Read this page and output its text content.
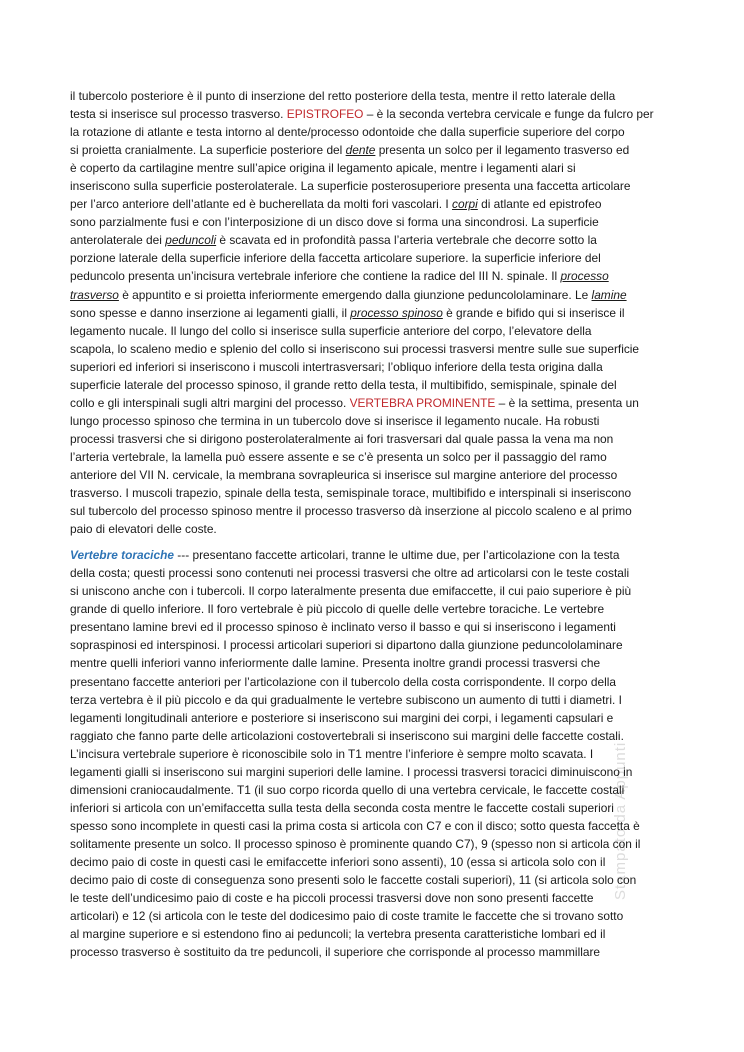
Stampato da Appunti

il tubercolo posteriore è il punto di inserzione del retto posteriore della testa, mentre il retto laterale della
testa si inserisce sul processo trasverso. EPISTROFEO – è la seconda vertebra cervicale e funge da fulcro per
la rotazione di atlante e testa intorno al dente/processo odontoide che dalla superficie superiore del corpo
si proietta cranialmente. La superficie posteriore del dente presenta un solco per il legamento trasverso ed
è coperto da cartilagine mentre sull’apice origina il legamento apicale, mentre i legamenti alari si
inseriscono sulla superficie posterolaterale. La superficie posterosuperiore presenta una faccetta articolare
per l’arco anteriore dell’atlante ed è bucherellata da molti fori vascolari. I corpi di atlante ed epistrofeo
sono parzialmente fusi e con l’interposizione di un disco dove si forma una sincondrosi. La superficie
anterolaterale dei peduncoli è scavata ed in profondità passa l’arteria vertebrale che decorre sotto la
porzione laterale della superficie inferiore della faccetta articolare superiore. la superficie inferiore del
peduncolo presenta un’incisura vertebrale inferiore che contiene la radice del III N. spinale. Il processo
trasverso è appuntito e si proietta inferiormente emergendo dalla giunzione peduncololaminare. Le lamine
sono spesse e danno inserzione ai legamenti gialli, il processo spinoso è grande e bifido qui si inserisce il
legamento nucale. Il lungo del collo si inserisce sulla superficie anteriore del corpo, l’elevatore della
scapola, lo scaleno medio e splenio del collo si inseriscono sui processi trasversi mentre sulle sue superficie
superiori ed inferiori si inseriscono i muscoli intertrasversari; l’obliquo inferiore della testa origina dalla
superficie laterale del processo spinoso, il grande retto della testa, il multibifido, semispinale, spinale del
collo e gli interspinali sugli altri margini del processo. VERTEBRA PROMINENTE – è la settima, presenta un
lungo processo spinoso che termina in un tubercolo dove si inserisce il legamento nucale. Ha robusti
processi trasversi che si dirigono posterolateralmente ai fori trasversari dal quale passa la vena ma non
l’arteria vertebrale, la lamella può essere assente e se c’è presenta un solco per il passaggio del ramo
anteriore del VII N. cervicale, la membrana sovrapleurica si inserisce sul margine anteriore del processo
trasverso. I muscoli trapezio, spinale della testa, semispinale torace, multibifido e interspinali si inseriscono
sul tubercolo del processo spinoso mentre il processo trasverso dà inserzione al piccolo scaleno e al primo
paio di elevatori delle coste.

Vertebre toraciche --- presentano faccette articolari, tranne le ultime due, per l’articolazione con la testa
della costa; questi processi sono contenuti nei processi trasversi che oltre ad articolarsi con le teste costali
si uniscono anche con i tubercoli. Il corpo lateralmente presenta due emifaccette, il cui paio superiore è più
grande di quello inferiore. Il foro vertebrale è più piccolo di quelle delle vertebre toraciche. Le vertebre
presentano lamine brevi ed il processo spinoso è inclinato verso il basso e qui si inseriscono i legamenti
sopraspinosi ed interspinosi. I processi articolari superiori si dipartono dalla giunzione peduncololaminare
mentre quelli inferiori vanno inferiormente dalle lamine. Presenta inoltre grandi processi trasversi che
presentano faccette anteriori per l’articolazione con il tubercolo della costa corrispondente. Il corpo della
terza vertebra è il più piccolo e da qui gradualmente le vertebre subiscono un aumento di tutti i diametri. I
legamenti longitudinali anteriore e posteriore si inseriscono sui margini dei corpi, i legamenti capsulari e
raggiato che fanno parte delle articolazioni costovertebrali si inseriscono sui margini delle faccette costali.
L’incisura vertebrale superiore è riconoscibile solo in T1 mentre l’inferiore è sempre molto scavata. I
legamenti gialli si inseriscono sui margini superiori delle lamine. I processi trasversi toracici diminuiscono in
dimensioni craniocaudalmente. T1 (il suo corpo ricorda quello di una vertebra cervicale, le faccette costali
inferiori si articola con un’emifaccetta sulla testa della seconda costa mentre le faccette costali superiori
spesso sono incomplete in questi casi la prima costa si articola con C7 e con il disco; sotto questa faccetta è
solitamente presente un solco. Il processo spinoso è prominente quando C7), 9 (spesso non si articola con il
decimo paio di coste in questi casi le emifaccette inferiori sono assenti), 10 (essa si articola solo con il
decimo paio di coste di conseguenza sono presenti solo le faccette costali superiori), 11 (si articola solo con
le teste dell’undicesimo paio di coste e ha piccoli processi trasversi dove non sono presenti faccette
articolari) e 12 (si articola con le teste del dodicesimo paio di coste tramite le faccette che si trovano sotto
al margine superiore e si estendono fino ai peduncoli; la vertebra presenta caratteristiche lombari ed il
processo trasverso è sostituito da tre peduncoli, il superiore che corrisponde al processo mammillare
